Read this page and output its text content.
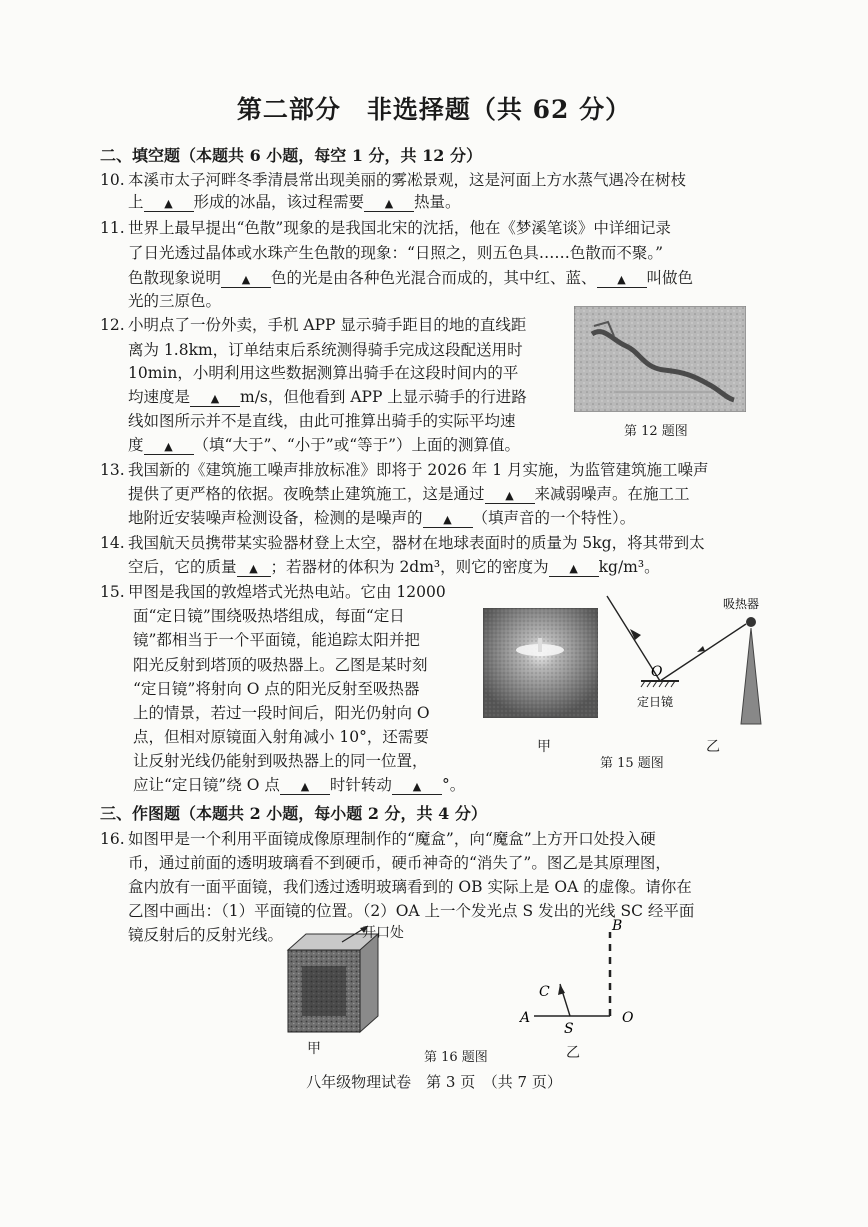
第二部分　非选择题（共 62 分）
二、填空题（本题共 6 小题，每空 1 分，共 12 分）
10. 本溪市太子河畔冬季清晨常出现美丽的雾凇景观，这是河面上方水蒸气遇冷在树枝
上 ▲ 形成的冰晶，该过程需要 ▲ 热量。
11. 世界上最早提出“色散”现象的是我国北宋的沈括，他在《梦溪笔谈》中详细记录
了日光透过晶体或水珠产生色散的现象：“日照之，则五色具……色散而不聚。”
色散现象说明 ▲ 色的光是由各种色光混合而成的，其中红、蓝、 ▲ 叫做色
光的三原色。
12. 小明点了一份外卖，手机 APP 显示骑手距目的地的直线距
离为 1.8km，订单结束后系统测得骑手完成这段配送用时
10min，小明利用这些数据测算出骑手在这段时间内的平
均速度是 ▲ m/s，但他看到 APP 上显示骑手的行进路
线如图所示并不是直线，由此可推算出骑手的实际平均速
度 ▲ （填“大于”、“小于”或“等于”）上面的测算值。
第 12 题图
13. 我国新的《建筑施工噪声排放标准》即将于 2026 年 1 月实施，为监管建筑施工噪声
提供了更严格的依据。夜晚禁止建筑施工，这是通过 ▲ 来减弱噪声。在施工工
地附近安装噪声检测设备，检测的是噪声的 ▲ （填声音的一个特性）。
14. 我国航天员携带某实验器材登上太空，器材在地球表面时的质量为 5kg，将其带到太
空后，它的质量 ▲ ；若器材的体积为 2dm³，则它的密度为 ▲ kg/m³。
15. 甲图是我国的敦煌塔式光热电站。它由 12000
面“定日镜”围绕吸热塔组成，每面“定日
镜”都相当于一个平面镜，能追踪太阳并把
阳光反射到塔顶的吸热器上。乙图是某时刻
“定日镜”将射向 O 点的阳光反射至吸热器
上的情景，若过一段时间后，阳光仍射向 O
点，但相对原镜面入射角减小 10°，还需要
让反射光线仍能射到吸热器上的同一位置，
应让“定日镜”绕 O 点 ▲ 时针转动 ▲ °。
吸热器
O
定日镜
甲
第 15 题图
乙
三、作图题（本题共 2 小题，每小题 2 分，共 4 分）
16. 如图甲是一个利用平面镜成像原理制作的“魔盒”，向“魔盒”上方开口处投入硬
币，通过前面的透明玻璃看不到硬币，硬币神奇的“消失了”。图乙是其原理图，
盒内放有一面平面镜，我们透过透明玻璃看到的 OB 实际上是 OA 的虚像。请你在
乙图中画出：（1）平面镜的位置。（2）OA 上一个发光点 S 发出的光线 SC 经平面
镜反射后的反射光线。	开口处
甲
B
C
A
S
O
第 16 题图	乙
八年级物理试卷　第 3 页　（共 7 页）
